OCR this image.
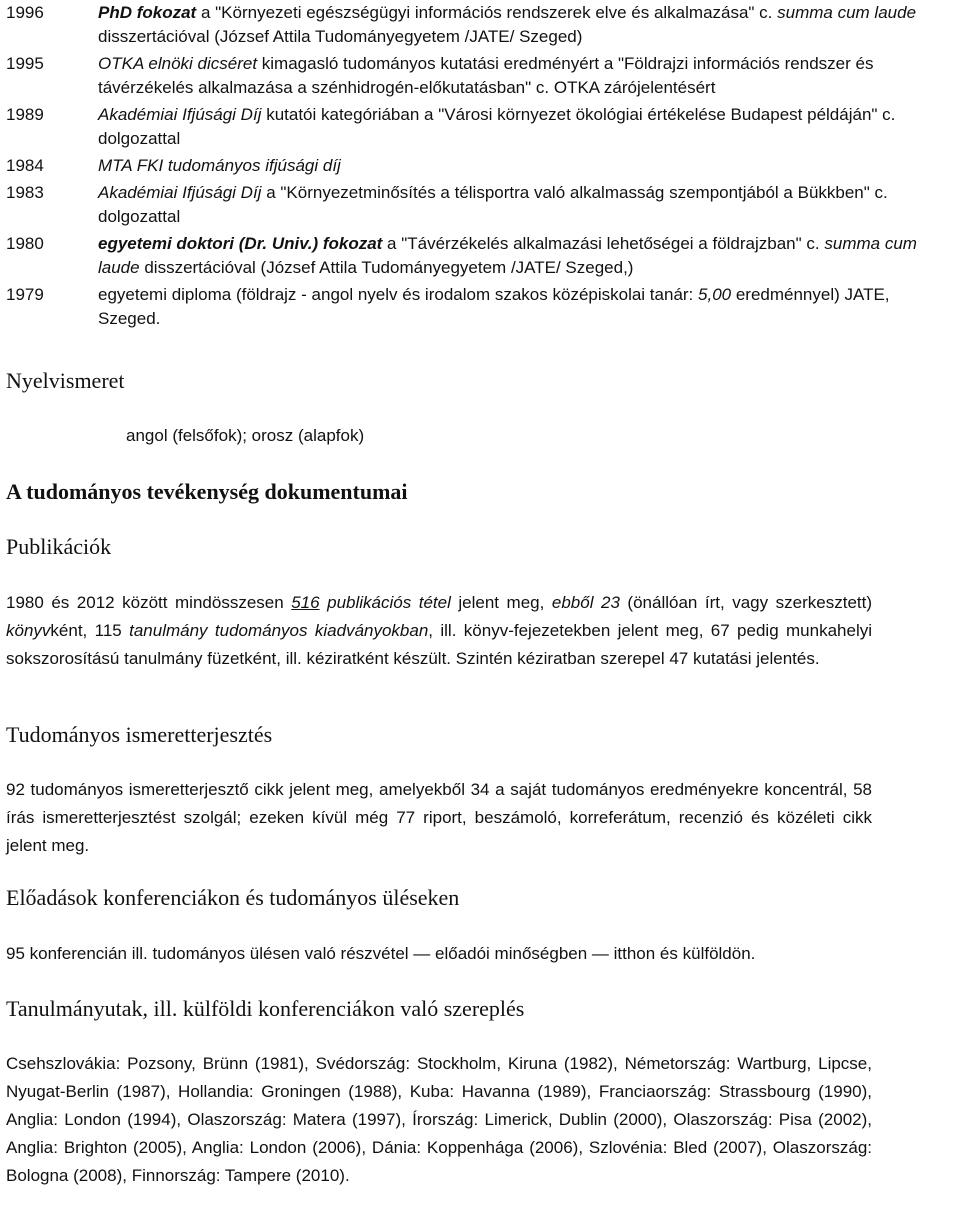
1996	PhD fokozat a "Környezeti egészségügyi információs rendszerek elve és alkalmazása" c. summa cum laude disszertációval (József Attila Tudományegyetem /JATE/ Szeged)
1995	OTKA elnöki dicséret kimagasló tudományos kutatási eredményért a "Földrajzi információs rendszer és távérzékelés alkalmazása a szénhidrogén-előkutatásban" c. OTKA zárójelentésért
1989	Akadémiai Ifjúsági Díj kutatói kategóriában a "Városi környezet ökológiai értékelése Budapest példáján" c. dolgozattal
1984	MTA FKI tudományos ifjúsági díj
1983	Akadémiai Ifjúsági Díj a "Környezetminősítés a télisportra való alkalmasság szempontjából a Bükkben" c. dolgozattal
1980	egyetemi doktori (Dr. Univ.) fokozat a "Távérzékelés alkalmazási lehetőségei a földrajzban" c. summa cum laude disszertációval (József Attila Tudományegyetem /JATE/ Szeged,)
1979	egyetemi diploma (földrajz - angol nyelv és irodalom szakos középiskolai tanár: 5,00 eredménnyel) JATE, Szeged.
Nyelvismeret
angol (felsőfok); orosz (alapfok)
A tudományos tevékenység dokumentumai
Publikációk
1980 és 2012 között mindösszesen 516 publikációs tétel jelent meg, ebből 23 (önállóan írt, vagy szerkesztett) könyvként, 115 tanulmány tudományos kiadványokban, ill. könyv-fejezetekben jelent meg, 67 pedig munkahelyi sokszorosítású tanulmány füzetként, ill. kéziratként készült. Szintén kéziratban szerepel 47 kutatási jelentés.
Tudományos ismeretterjesztés
92 tudományos ismeretterjesztő cikk jelent meg, amelyekből 34 a saját tudományos eredményekre koncentrál, 58 írás ismeretterjesztést szolgál; ezeken kívül még 77 riport, beszámoló, korreferátum, recenzió és közéleti cikk jelent meg.
Előadások konferenciákon és tudományos üléseken
95 konferencián ill. tudományos ülésen való részvétel — előadói minőségben — itthon és külföldön.
Tanulmányutak, ill. külföldi konferenciákon való szereplés
Csehszlovákia: Pozsony, Brünn (1981), Svédország: Stockholm, Kiruna (1982), Németország: Wartburg, Lipcse, Nyugat-Berlin (1987), Hollandia: Groningen (1988), Kuba: Havanna (1989), Franciaország: Strassbourg (1990), Anglia: London (1994), Olaszország: Matera (1997), Írország: Limerick, Dublin (2000), Olaszország: Pisa (2002), Anglia: Brighton (2005), Anglia: London (2006), Dánia: Koppenhága (2006), Szlovénia: Bled (2007), Olaszország: Bologna (2008), Finnország: Tampere (2010).
